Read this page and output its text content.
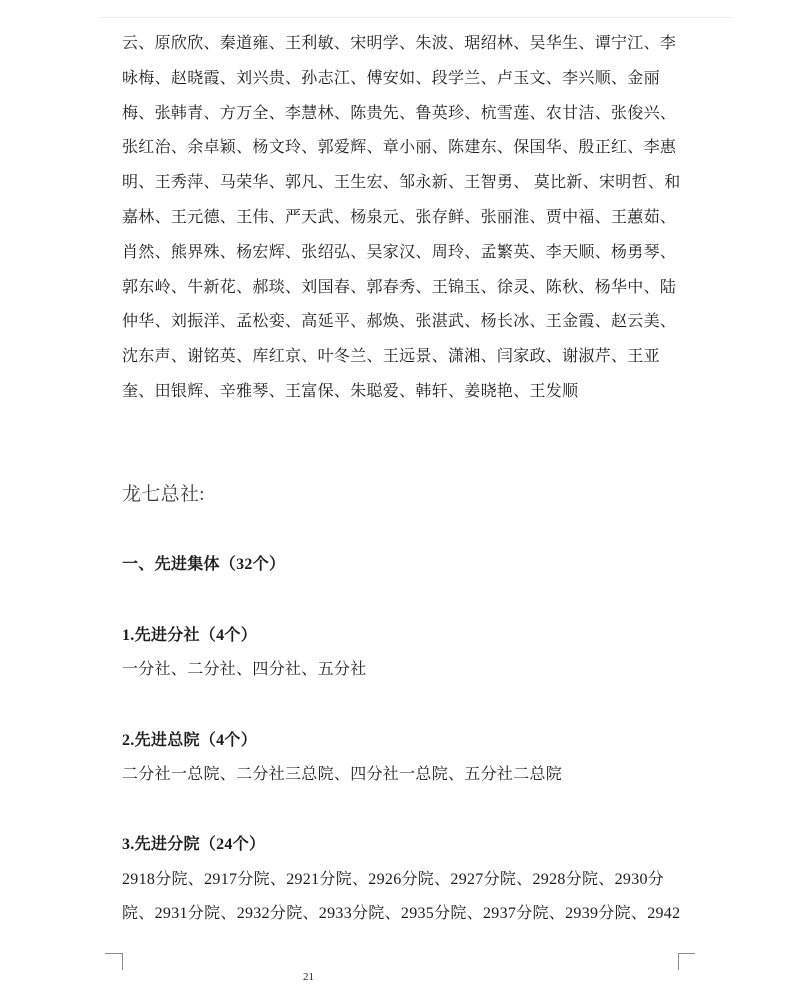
云、原欣欣、秦道雍、王利敏、宋明学、朱波、琚绍林、吴华生、谭宁江、李
咏梅、赵晓霞、刘兴贵、孙志江、傅安如、段学兰、卢玉文、李兴顺、金丽
梅、张韩青、方万全、李慧林、陈贵先、鲁英珍、杭雪莲、农甘洁、张俊兴、
张红治、余卓颖、杨文玲、郭爱辉、章小丽、陈建东、保国华、殷正红、李惠
明、王秀萍、马荣华、郭凡、王生宏、邹永新、王智勇、 莫比新、宋明哲、和
嘉林、王元德、王伟、严天武、杨泉元、张存鲜、张丽淮、贾中福、王蕙茹、
肖然、熊界殊、杨宏辉、张绍弘、吴家汉、周玲、孟繁英、李天顺、杨勇琴、
郭东岭、牛新花、郝琰、刘国春、郭春秀、王锦玉、徐灵、陈秋、杨华中、陆
仲华、刘振洋、孟松娈、高延平、郝焕、张湛武、杨长冰、王金霞、赵云美、
沈东声、谢铭英、库红京、叶冬兰、王远景、潇湘、闫家政、谢淑芹、王亚
奎、田银辉、辛雅琴、王富保、朱聪爱、韩轩、姜晓艳、王发顺
龙七总社:
一、先进集体（32个）
1.先进分社（4个）
一分社、二分社、四分社、五分社
2.先进总院（4个）
二分社一总院、二分社三总院、四分社一总院、五分社二总院
3.先进分院（24个）
2918分院、2917分院、2921分院、2926分院、2927分院、2928分院、2930分
院、2931分院、2932分院、2933分院、2935分院、2937分院、2939分院、2942
21
